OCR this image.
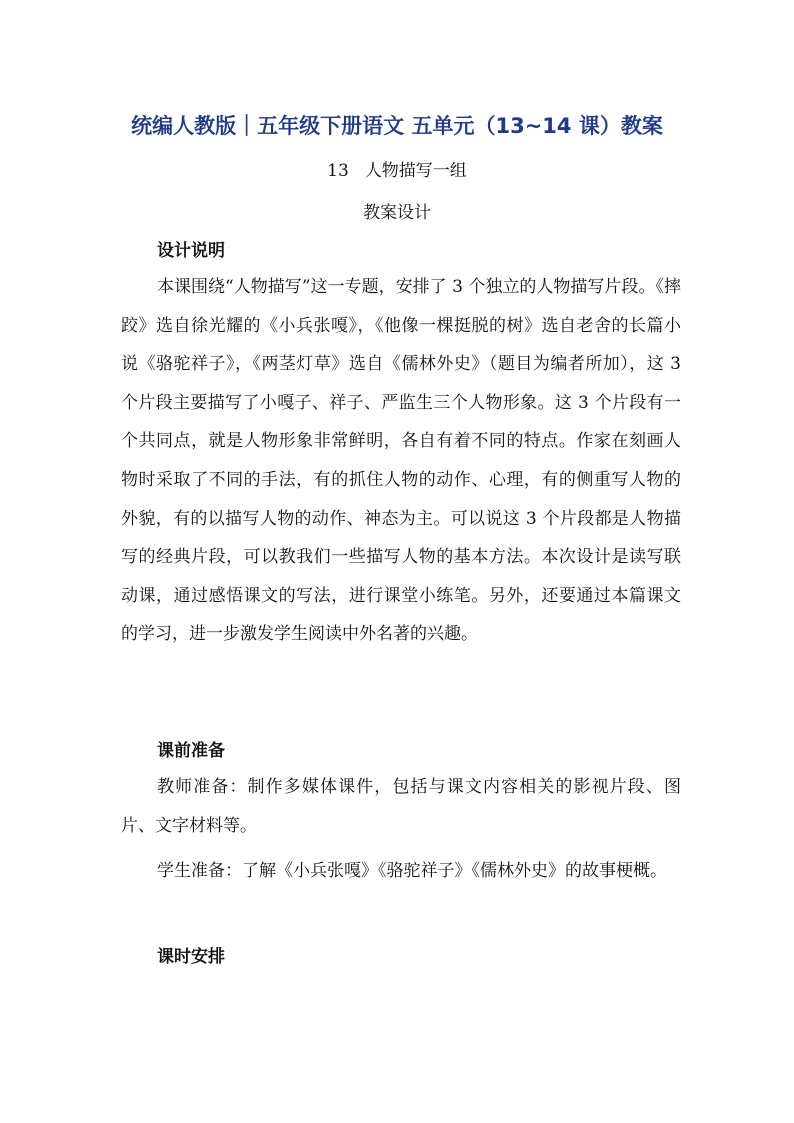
统编人教版｜五年级下册语文 五单元（13~14 课）教案
13 人物描写一组
教案设计
设计说明
本课围绕“人物描写”这一专题，安排了 3 个独立的人物描写片段。《摔跤》选自徐光耀的《小兵张嘎》，《他像一棵挺脱的树》选自老舍的长篇小说《骆驼祥子》，《两茎灯草》选自《儒林外史》（题目为编者所加），这 3 个片段主要描写了小嘎子、祥子、严监生三个人物形象。这 3 个片段有一个共同点，就是人物形象非常鲜明，各自有着不同的特点。作家在刻画人物时采取了不同的手法，有的抓住人物的动作、心理，有的侧重写人物的外貌，有的以描写人物的动作、神态为主。可以说这 3 个片段都是人物描写的经典片段，可以教我们一些描写人物的基本方法。本次设计是读写联动课，通过感悟课文的写法，进行课堂小练笔。另外，还要通过本篇课文的学习，进一步激发学生阅读中外名著的兴趣。
课前准备
教师准备：制作多媒体课件，包括与课文内容相关的影视片段、图片、文字材料等。
学生准备：了解《小兵张嘎》《骆驼祥子》《儒林外史》的故事梗概。
课时安排
